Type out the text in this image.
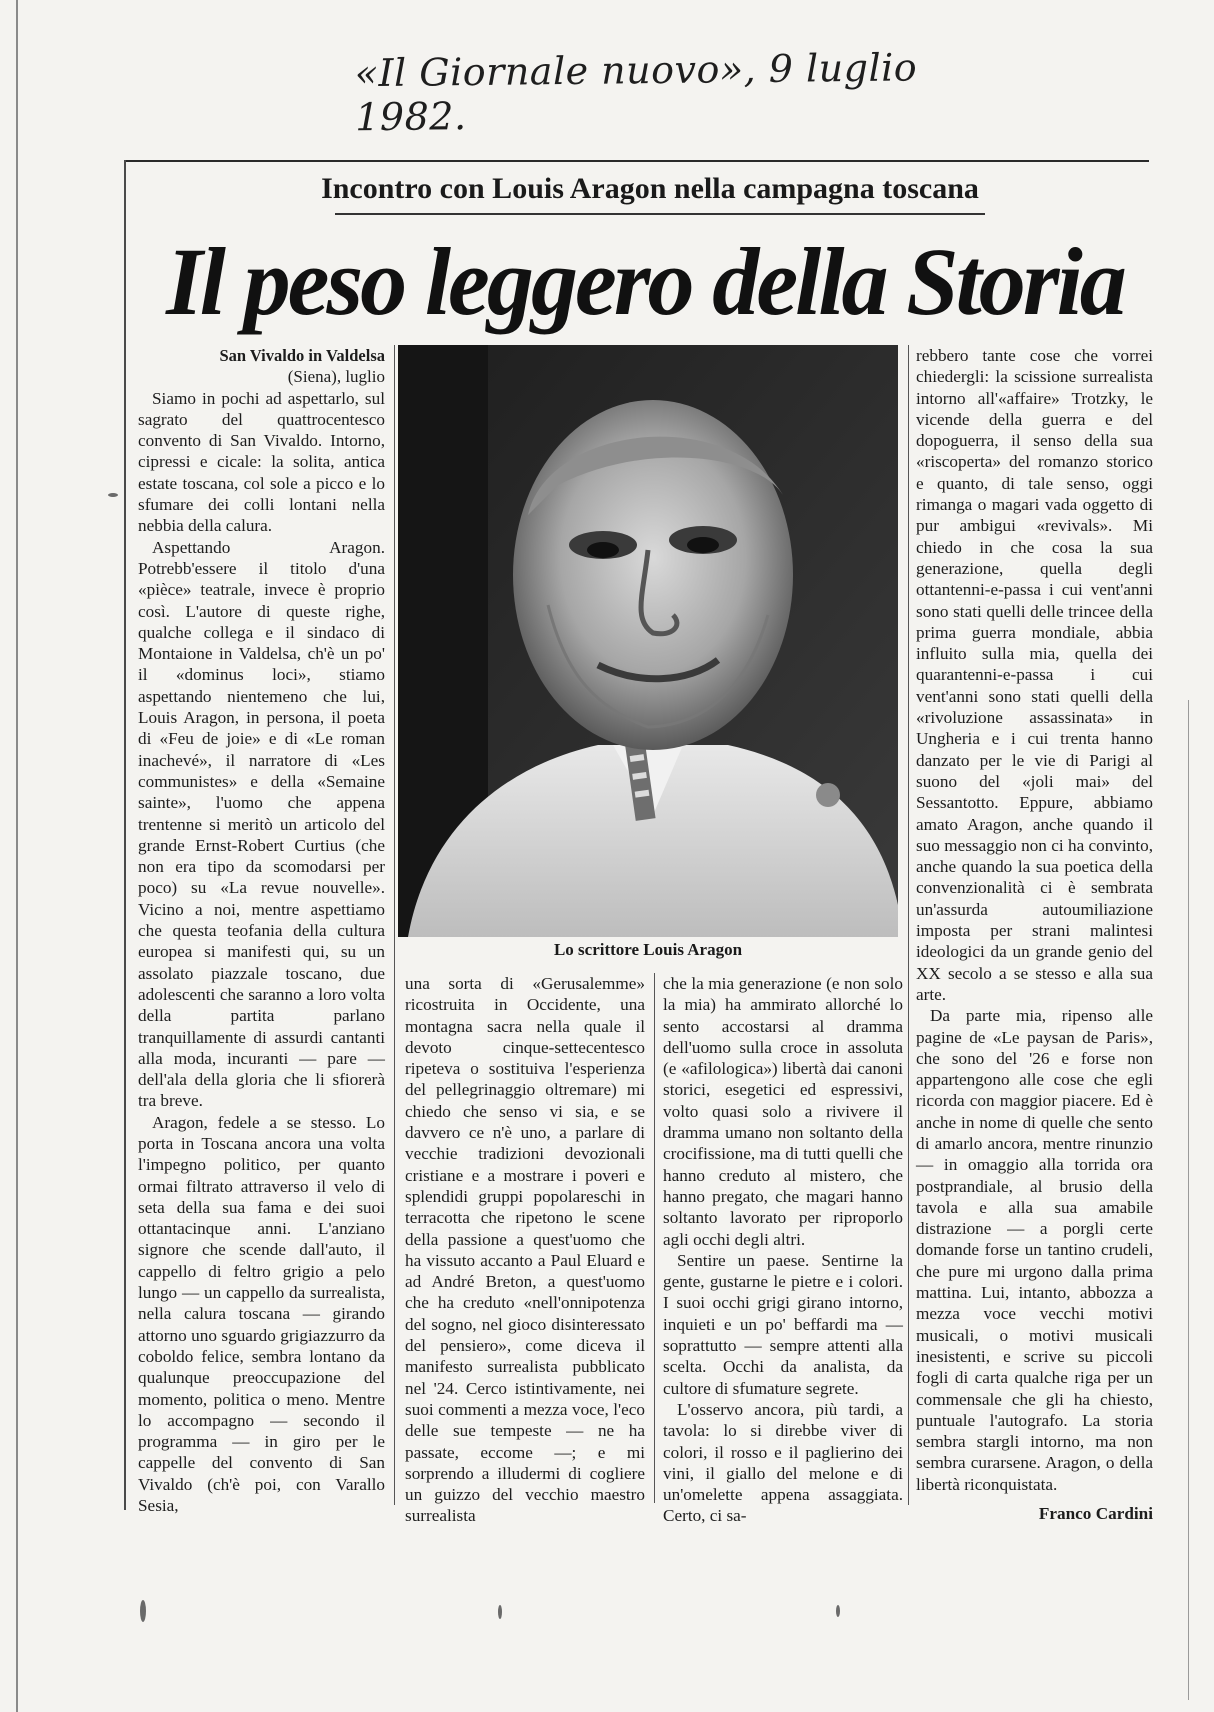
«Il Giornale nuovo», 9 luglio 1982.
Incontro con Louis Aragon nella campagna toscana
Il peso leggero della Storia
San Vivaldo in Valdelsa
(Siena), luglio

Siamo in pochi ad aspettarlo, sul sagrato del quattrocentesco convento di San Vivaldo. Intorno, cipressi e cicale: la solita, antica estate toscana, col sole a picco e lo sfumare dei colli lontani nella nebbia della calura.

Aspettando Aragon. Potrebb'essere il titolo d'una «pièce» teatrale, invece è proprio così. L'autore di queste righe, qualche collega e il sindaco di Montaione in Valdelsa, ch'è un po' il «dominus loci», stiamo aspettando nientemeno che lui, Louis Aragon, in persona, il poeta di «Feu de joie» e di «Le roman inachevé», il narratore di «Les communistes» e della «Semaine sainte», l'uomo che appena trentenne si meritò un articolo del grande Ernst-Robert Curtius (che non era tipo da scomodarsi per poco) su «La revue nouvelle». Vicino a noi, mentre aspettiamo che questa teofania della cultura europea si manifesti qui, su un assolato piazzale toscano, due adolescenti che saranno a loro volta della partita parlano tranquillamente di assurdi cantanti alla moda, incuranti — pare — dell'ala della gloria che li sfiorerà tra breve.

Aragon, fedele a se stesso. Lo porta in Toscana ancora una volta l'impegno politico, per quanto ormai filtrato attraverso il velo di seta della sua fama e dei suoi ottantacinque anni. L'anziano signore che scende dall'auto, il cappello di feltro grigio a pelo lungo — un cappello da surrealista, nella calura toscana — girando attorno uno sguardo grigiazzurro da coboldo felice, sembra lontano da qualunque preoccupazione del momento, politica o meno. Mentre lo accompagno — secondo il programma — in giro per le cappelle del convento di San Vivaldo (ch'è poi, con Varallo Sesia,

Lo scrittore Louis Aragon

una sorta di «Gerusalemme» ricostruita in Occidente, una montagna sacra nella quale il devoto cinque-settecentesco ripeteva o sostituiva l'esperienza del pellegrinaggio oltremare) mi chiedo che senso vi sia, e se davvero ce n'è uno, a parlare di vecchie tradizioni devozionali cristiane e a mostrare i poveri e splendidi gruppi popolareschi in terracotta che ripetono le scene della passione a quest'uomo che ha vissuto accanto a Paul Eluard e ad André Breton, a quest'uomo che ha creduto «nell'onnipotenza del sogno, nel gioco disinteressato del pensiero», come diceva il manifesto surrealista pubblicato nel '24. Cerco istintivamente, nei suoi commenti a mezza voce, l'eco delle sue tempeste — ne ha passate, eccome —; e mi sorprendo a illudermi di cogliere un guizzo del vecchio maestro surrealista

che la mia generazione (e non solo la mia) ha ammirato allorché lo sento accostarsi al dramma dell'uomo sulla croce in assoluta (e «afilologica») libertà dai canoni storici, esegetici ed espressivi, volto quasi solo a rivivere il dramma umano non soltanto della crocifissione, ma di tutti quelli che hanno creduto al mistero, che hanno pregato, che magari hanno soltanto lavorato per riproporlo agli occhi degli altri.

Sentire un paese. Sentirne la gente, gustarne le pietre e i colori. I suoi occhi grigi girano intorno, inquieti e un po' beffardi ma — soprattutto — sempre attenti alla scelta. Occhi da analista, da cultore di sfumature segrete.

L'osservo ancora, più tardi, a tavola: lo si direbbe viver di colori, il rosso e il paglierino dei vini, il giallo del melone e di un'omelette appena assaggiata. Certo, ci sa-

rebbero tante cose che vorrei chiedergli: la scissione surrealista intorno all'«affaire» Trotzky, le vicende della guerra e del dopoguerra, il senso della sua «riscoperta» del romanzo storico e quanto, di tale senso, oggi rimanga o magari vada oggetto di pur ambigui «revivals». Mi chiedo in che cosa la sua generazione, quella degli ottantenni-e-passa i cui vent'anni sono stati quelli delle trincee della prima guerra mondiale, abbia influito sulla mia, quella dei quarantenni-e-passa i cui vent'anni sono stati quelli della «rivoluzione assassinata» in Ungheria e i cui trenta hanno danzato per le vie di Parigi al suono del «joli mai» del Sessantotto. Eppure, abbiamo amato Aragon, anche quando il suo messaggio non ci ha convinto, anche quando la sua poetica della convenzionalità ci è sembrata un'assurda autoumiliazione imposta per strani malintesi ideologici da un grande genio del XX secolo a se stesso e alla sua arte.

Da parte mia, ripenso alle pagine de «Le paysan de Paris», che sono del '26 e forse non appartengono alle cose che egli ricorda con maggior piacere. Ed è anche in nome di quelle che sento di amarlo ancora, mentre rinunzio — in omaggio alla torrida ora postprandiale, al brusio della tavola e alla sua amabile distrazione — a porgli certe domande forse un tantino crudeli, che pure mi urgono dalla prima mattina. Lui, intanto, abbozza a mezza voce vecchi motivi musicali, o motivi musicali inesistenti, e scrive su piccoli fogli di carta qualche riga per un commensale che gli ha chiesto, puntuale l'autografo. La storia sembra stargli intorno, ma non sembra curarsene. Aragon, o della libertà riconquistata.

Franco Cardini
